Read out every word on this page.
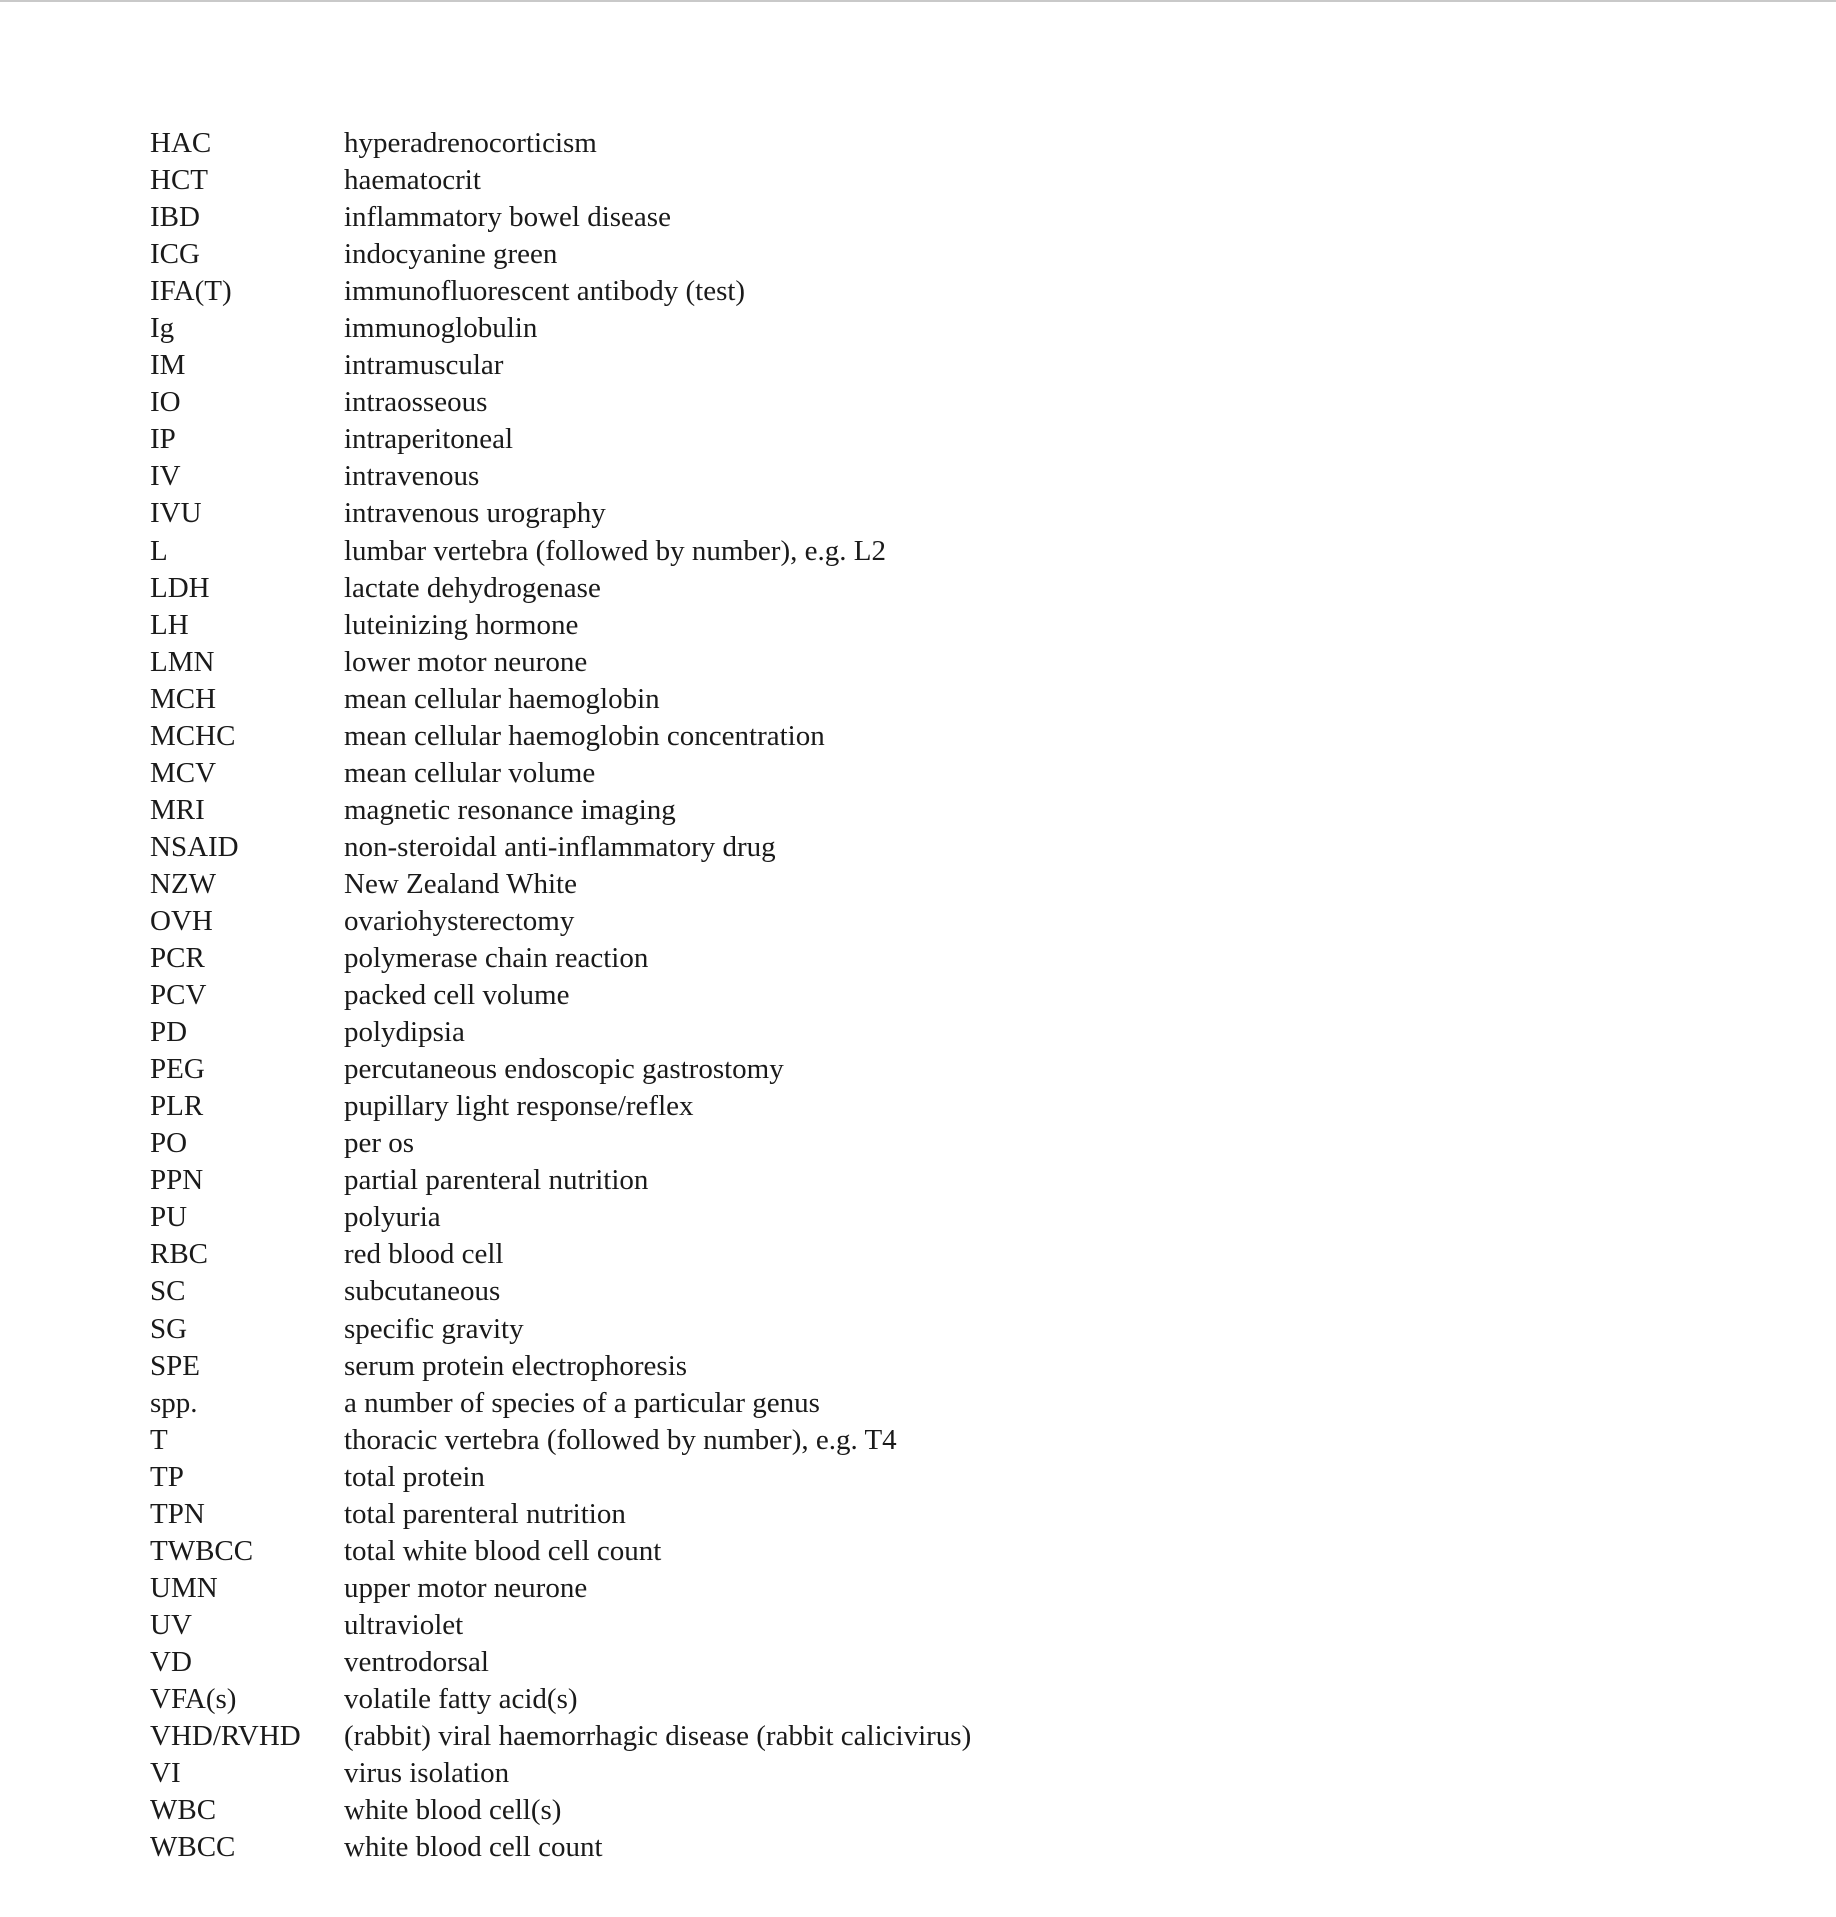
HAC	hyperadrenocorticism
HCT	haematocrit
IBD	inflammatory bowel disease
ICG	indocyanine green
IFA(T)	immunofluorescent antibody (test)
Ig	immunoglobulin
IM	intramuscular
IO	intraosseous
IP	intraperitoneal
IV	intravenous
IVU	intravenous urography
L	lumbar vertebra (followed by number), e.g. L2
LDH	lactate dehydrogenase
LH	luteinizing hormone
LMN	lower motor neurone
MCH	mean cellular haemoglobin
MCHC	mean cellular haemoglobin concentration
MCV	mean cellular volume
MRI	magnetic resonance imaging
NSAID	non-steroidal anti-inflammatory drug
NZW	New Zealand White
OVH	ovariohysterectomy
PCR	polymerase chain reaction
PCV	packed cell volume
PD	polydipsia
PEG	percutaneous endoscopic gastrostomy
PLR	pupillary light response/reflex
PO	per os
PPN	partial parenteral nutrition
PU	polyuria
RBC	red blood cell
SC	subcutaneous
SG	specific gravity
SPE	serum protein electrophoresis
spp.	a number of species of a particular genus
T	thoracic vertebra (followed by number), e.g. T4
TP	total protein
TPN	total parenteral nutrition
TWBCC	total white blood cell count
UMN	upper motor neurone
UV	ultraviolet
VD	ventrodorsal
VFA(s)	volatile fatty acid(s)
VHD/RVHD	(rabbit) viral haemorrhagic disease (rabbit calicivirus)
VI	virus isolation
WBC	white blood cell(s)
WBCC	white blood cell count
